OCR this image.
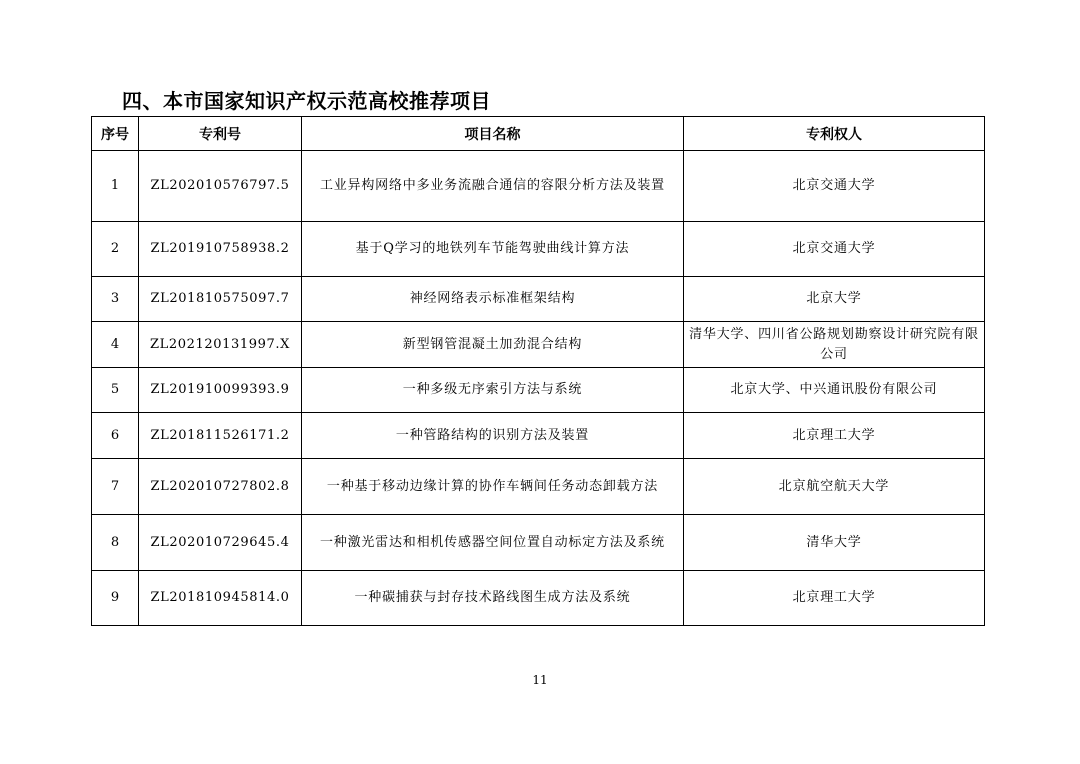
四、本市国家知识产权示范高校推荐项目
序号	专利号	项目名称	专利权人
1	ZL202010576797.5	工业异构网络中多业务流融合通信的容限分析方法及装置	北京交通大学
2	ZL201910758938.2	基于Q学习的地铁列车节能驾驶曲线计算方法	北京交通大学
3	ZL201810575097.7	神经网络表示标准框架结构	北京大学
4	ZL202120131997.X	新型钢管混凝土加劲混合结构	清华大学、四川省公路规划勘察设计研究院有限公司
5	ZL201910099393.9	一种多级无序索引方法与系统	北京大学、中兴通讯股份有限公司
6	ZL201811526171.2	一种管路结构的识别方法及装置	北京理工大学
7	ZL202010727802.8	一种基于移动边缘计算的协作车辆间任务动态卸载方法	北京航空航天大学
8	ZL202010729645.4	一种激光雷达和相机传感器空间位置自动标定方法及系统	清华大学
9	ZL201810945814.0	一种碳捕获与封存技术路线图生成方法及系统	北京理工大学
11
